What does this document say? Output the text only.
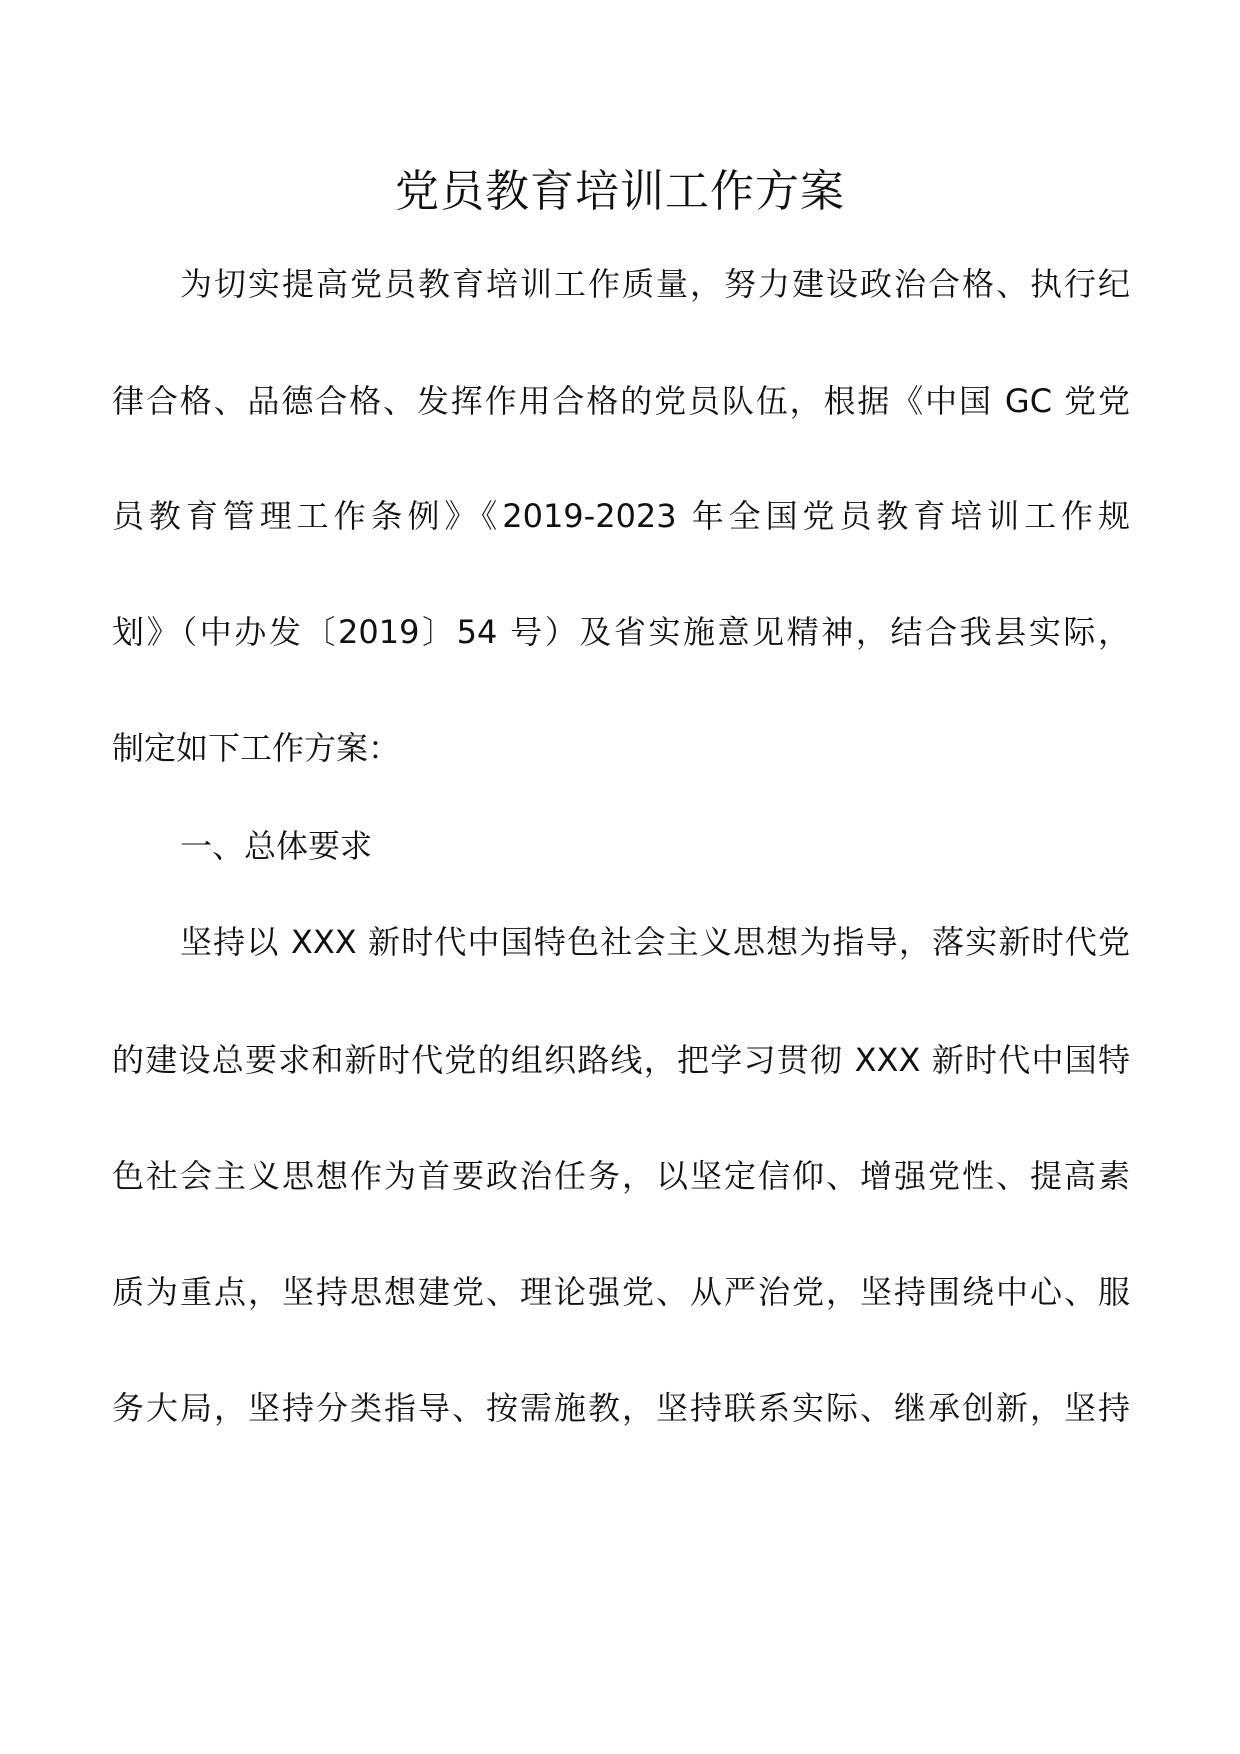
党员教育培训工作方案
为切实提高党员教育培训工作质量，努力建设政治合格、执行纪
律合格、品德合格、发挥作用合格的党员队伍，根据《中国 GC 党党
员教育管理工作条例》《2019-2023 年全国党员教育培训工作规
划》（中办发〔2019〕54 号）及省实施意见精神，结合我县实际，
制定如下工作方案：
一、总体要求
坚持以 XXX 新时代中国特色社会主义思想为指导，落实新时代党
的建设总要求和新时代党的组织路线，把学习贯彻 XXX 新时代中国特
色社会主义思想作为首要政治任务，以坚定信仰、增强党性、提高素
质为重点，坚持思想建党、理论强党、从严治党，坚持围绕中心、服
务大局，坚持分类指导、按需施教，坚持联系实际、继承创新，坚持
